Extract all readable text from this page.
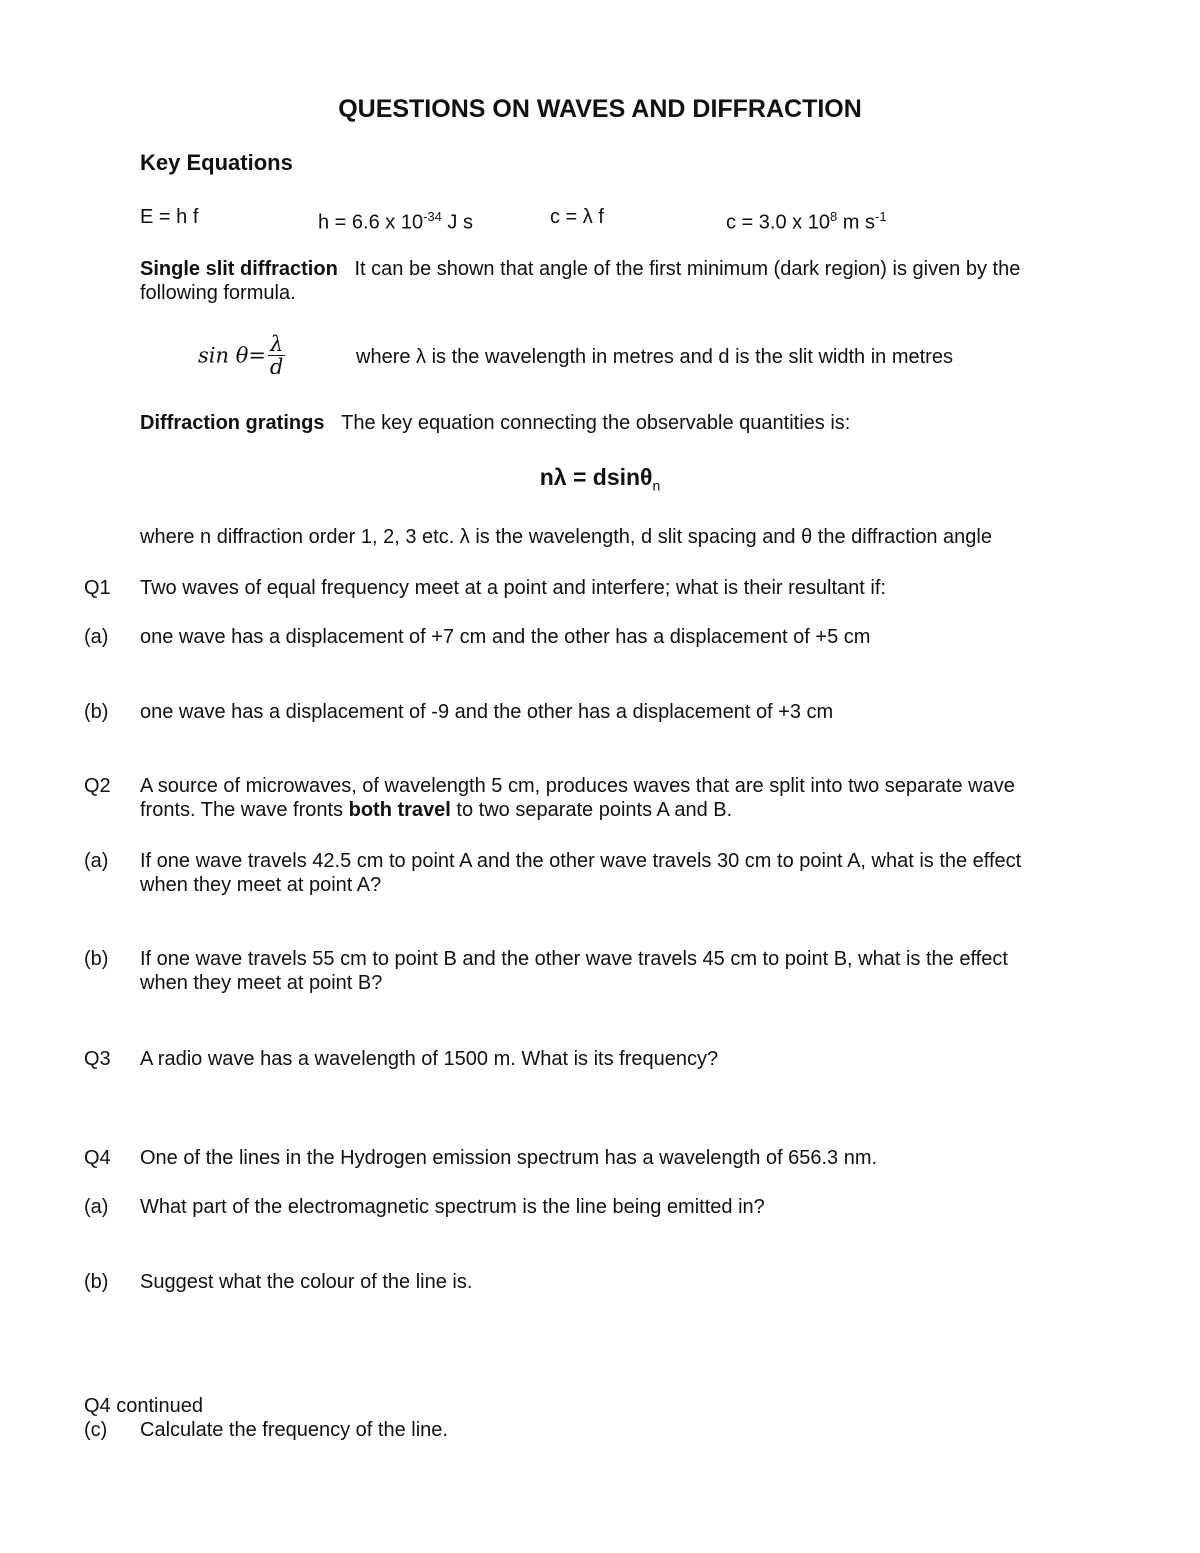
QUESTIONS ON WAVES AND DIFFRACTION
Key Equations
E = h f	h = 6.6 x $10^{-34}$ J s	c = λ f	c = 3.0 x $10^8$ m $s^{-1}$
Single slit diffraction It can be shown that angle of the first minimum (dark region) is given by the
following formula.
$\sin \theta= \frac{\lambda}{d}$	where λ is the wavelength in metres and d is the slit width in metres
Diffraction gratings The key equation connecting the observable quantities is:
nλ = dsinθ$_n$
where n diffraction order 1, 2, 3 etc. λ is the wavelength, d slit spacing and θ the diffraction angle
Q1 Two waves of equal frequency meet at a point and interfere; what is their resultant if:
(a) one wave has a displacement of +7 cm and the other has a displacement of +5 cm
(b) one wave has a displacement of -9 and the other has a displacement of +3 cm
Q2 A source of microwaves, of wavelength 5 cm, produces waves that are split into two separate wave
fronts. The wave fronts both travel to two separate points A and B.
(a) If one wave travels 42.5 cm to point A and the other wave travels 30 cm to point A, what is the effect
when they meet at point A?
(b) If one wave travels 55 cm to point B and the other wave travels 45 cm to point B, what is the effect
when they meet at point B?
Q3 A radio wave has a wavelength of 1500 m. What is its frequency?
Q4 One of the lines in the Hydrogen emission spectrum has a wavelength of 656.3 nm.
(a) What part of the electromagnetic spectrum is the line being emitted in?
(b) Suggest what the colour of the line is.
Q4 continued
(c) Calculate the frequency of the line.
